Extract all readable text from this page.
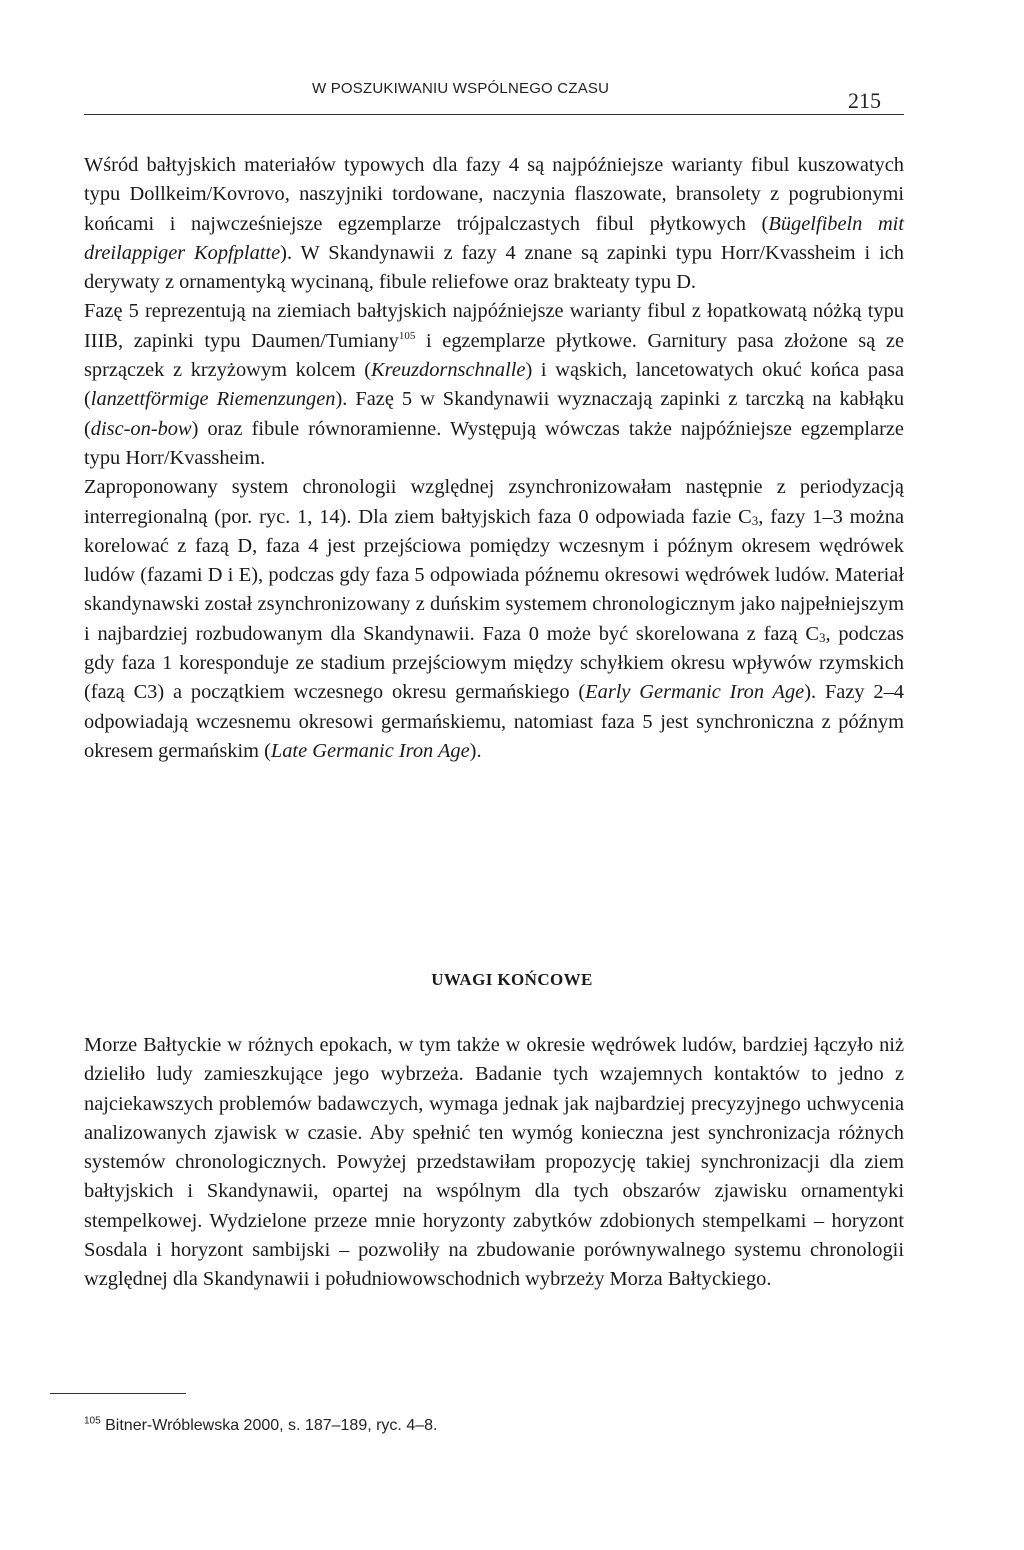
W POSZUKIWANIU WSPÓLNEGO CZASU	215

Wśród bałtyjskich materiałów typowych dla fazy 4 są najpóźniejsze warianty fibul kuszowatych typu Dollkeim/Kovrovo, naszyjniki tordowane, naczynia flaszowate, bransolety z pogrubionymi końcami i najwcześniejsze egzemplarze trójpalczastych fibul płytkowych (Bügelfibeln mit dreilappiger Kopfplatte). W Skandynawii z fazy 4 znane są zapinki typu Horr/Kvassheim i ich derywaty z ornamentyką wycinaną, fibule reliefowe oraz brakteaty typu D.

Fazę 5 reprezentują na ziemiach bałtyjskich najpóźniejsze warianty fibul z łopatkowatą nóżką typu IIIB, zapinki typu Daumen/Tumiany$^{105}$ i egzemplarze płytkowe. Garnitury pasa złożone są ze sprzączek z krzyżowym kolcem (Kreuzdornschnalle) i wąskich, lancetowatych okuć końca pasa (lanzettförmige Riemenzungen). Fazę 5 w Skandynawii wyznaczają zapinki z tarczką na kabłąku (disc-on-bow) oraz fibule równoramienne. Występują wówczas także najpóźniejsze egzemplarze typu Horr/Kvassheim.

Zaproponowany system chronologii względnej zsynchronizowałam następnie z periodyzacją interregionalną (por. ryc. 1, 14). Dla ziem bałtyjskich faza 0 odpowiada fazie $C_3$, fazy 1–3 można korelować z fazą D, faza 4 jest przejściowa pomiędzy wczesnym i późnym okresem wędrówek ludów (fazami D i E), podczas gdy faza 5 odpowiada późnemu okresowi wędrówek ludów. Materiał skandynawski został zsynchronizowany z duńskim systemem chronologicznym jako najpełniejszym i najbardziej rozbudowanym dla Skandynawii. Faza 0 może być skorelowana z fazą $C_3$, podczas gdy faza 1 koresponduje ze stadium przejściowym między schyłkiem okresu wpływów rzymskich (fazą C3) a początkiem wczesnego okresu germańskiego (Early Germanic Iron Age). Fazy 2–4 odpowiadają wczesnemu okresowi germańskiemu, natomiast faza 5 jest synchroniczna z późnym okresem germańskim (Late Germanic Iron Age).

UWAGI KOŃCOWE

Morze Bałtyckie w różnych epokach, w tym także w okresie wędrówek ludów, bardziej łączyło niż dzieliło ludy zamieszkujące jego wybrzeża. Badanie tych wzajemnych kontaktów to jedno z najciekawszych problemów badawczych, wymaga jednak jak najbardziej precyzyjnego uchwycenia analizowanych zjawisk w czasie. Aby spełnić ten wymóg konieczna jest synchronizacja różnych systemów chronologicznych. Powyżej przedstawiłam propozycję takiej synchronizacji dla ziem bałtyjskich i Skandynawii, opartej na wspólnym dla tych obszarów zjawisku ornamentyki stempelkowej. Wydzielone przeze mnie horyzonty zabytków zdobionych stempelkami – horyzont Sosdala i horyzont sambijski – pozwoliły na zbudowanie porównywalnego systemu chronologii względnej dla Skandynawii i południowowschodnich wybrzeży Morza Bałtyckiego.

$^{105}$ Bitner-Wróblewska 2000, s. 187–189, ryc. 4–8.
